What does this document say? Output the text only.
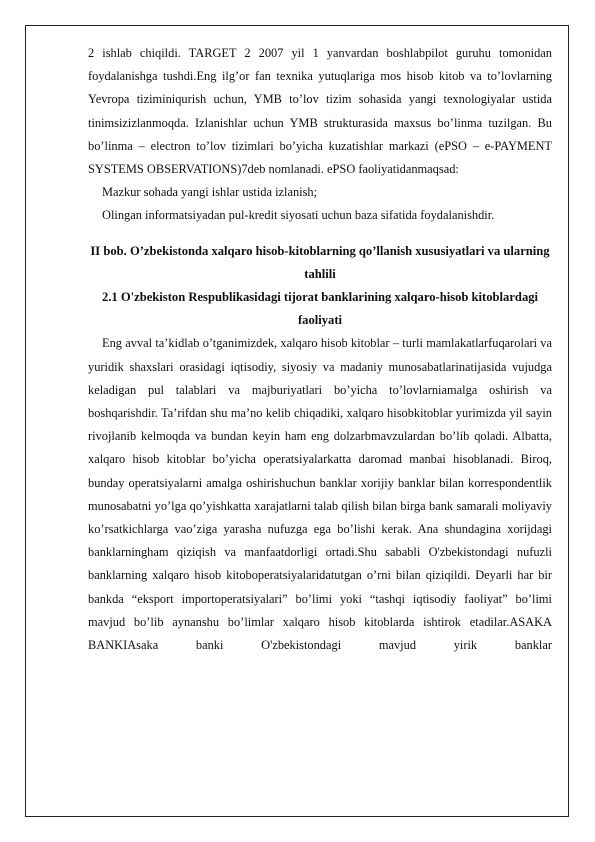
2 ishlab chiqildi. TARGET 2 2007 yil 1 yanvardan boshlabpilot guruhu tomonidan foydalanishga tushdi.Eng ilg’or fan texnika yutuqlariga mos hisob kitob va to’lovlarning Yevropa tiziminiqurish uchun, YMB to’lov tizim sohasida yangi texnologiyalar ustida tinimsizizlanmoqda. Izlanishlar uchun YMB strukturasida maxsus bo’linma tuzilgan. Bu bo’linma – electron to’lov tizimlari bo’yicha kuzatishlar markazi (ePSO – e-PAYMENT SYSTEMS OBSERVATIONS)7deb nomlanadi. ePSO faoliyatidanmaqsad:

Mazkur sohada yangi ishlar ustida izlanish;

Olingan informatsiyadan pul-kredit siyosati uchun baza sifatida foydalanishdir.

II bob. O’zbekistonda xalqaro hisob-kitoblarning qo’llanish xususiyatlari va ularning tahlili

2.1 O'zbekiston Respublikasidagi tijorat banklarining xalqaro-hisob kitoblardagi faoliyati

Eng avval ta’kidlab o’tganimizdek, xalqaro hisob kitoblar – turli mamlakatlarfuqarolari va yuridik shaxslari orasidagi iqtisodiy, siyosiy va madaniy munosabatlarinatijasida vujudga keladigan pul talablari va majburiyatlari bo’yicha to’lovlarniamalga oshirish va boshqarishdir. Ta’rifdan shu ma’no kelib chiqadiki, xalqaro hisobkitoblar yurimizda yil sayin rivojlanib kelmoqda va bundan keyin ham eng dolzarbmavzulardan bo’lib qoladi. Albatta, xalqaro hisob kitoblar bo’yicha operatsiyalarkatta daromad manbai hisoblanadi. Biroq, bunday operatsiyalarni amalga oshirishuchun banklar xorijiy banklar bilan korrespondentlik munosabatni yo’lga qo’yishkatta xarajatlarni talab qilish bilan birga bank samarali moliyaviy ko’rsatkichlarga vao’ziga yarasha nufuzga ega bo’lishi kerak. Ana shundagina xorijdagi banklarningham qiziqish va manfaatdorligi ortadi.Shu sababli O'zbekistondagi nufuzli banklarning xalqaro hisob kitoboperatsiyalaridatutgan o’rni bilan qiziqildi. Deyarli har bir bankda “eksport importoperatsiyalari” bo’limi yoki “tashqi iqtisodiy faoliyat” bo’limi mavjud bo’lib aynanshu bo’limlar xalqaro hisob kitoblarda ishtirok etadilar.ASAKA BANKIAsaka banki O'zbekistondagi mavjud yirik banklar
